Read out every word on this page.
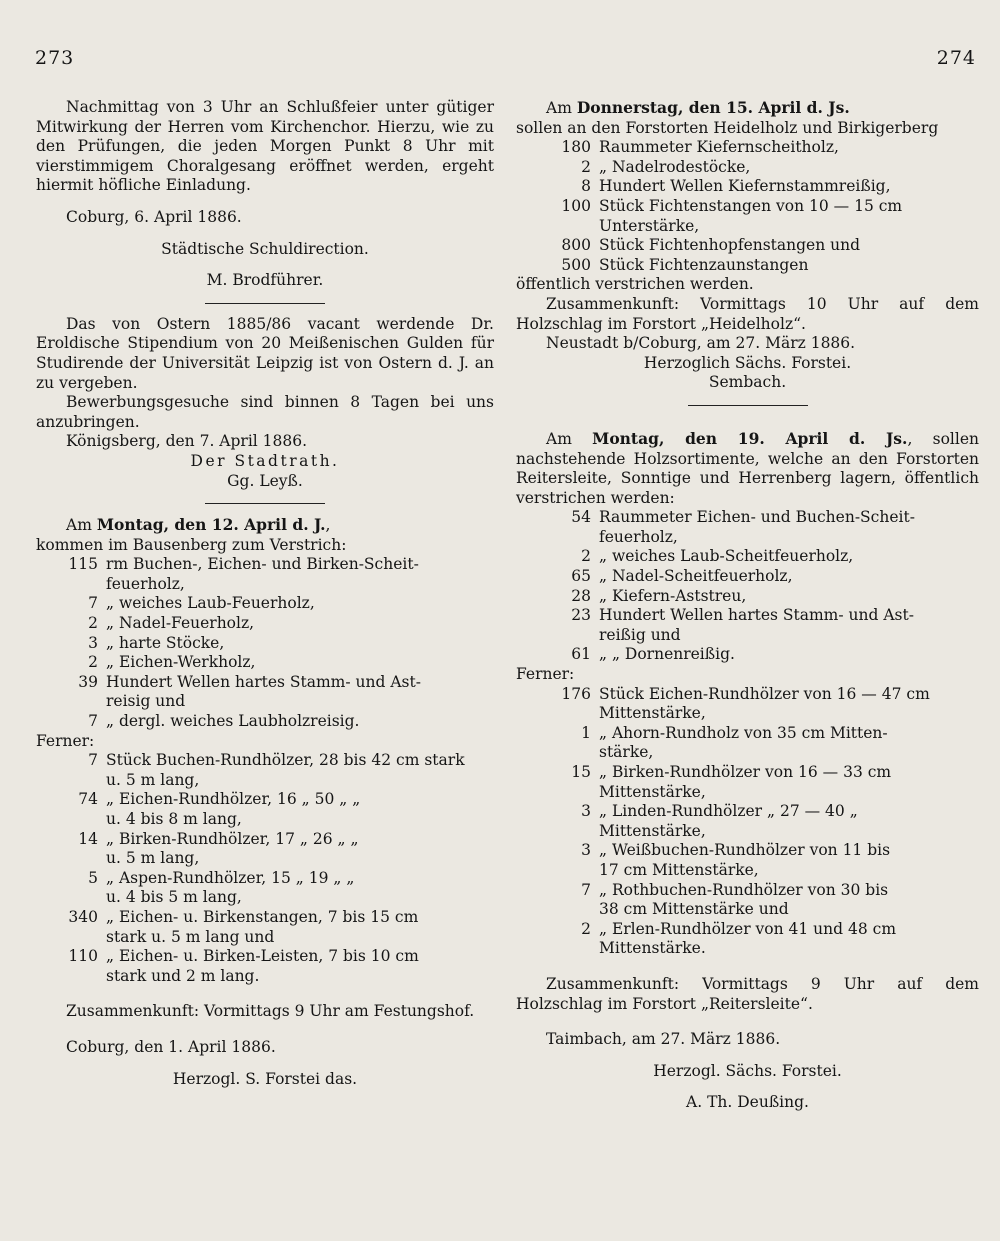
273	274

Nachmittag von 3 Uhr an Schlußfeier unter gütiger Mitwirkung der Herren vom Kirchenchor. Hierzu, wie zu den Prüfungen, die jeden Morgen Punkt 8 Uhr mit vierstimmigem Choralgesang eröffnet werden, ergeht hiermit höfliche Einladung.

Coburg, 6. April 1886.

Städtische Schuldirection.

M. Brodführer.

Das von Ostern 1885/86 vacant werdende Dr. Eroldische Stipendium von 20 Meißenischen Gulden für Studirende der Universität Leipzig ist von Ostern d. J. an zu vergeben.

Bewerbungsgesuche sind binnen 8 Tagen bei uns anzubringen.

Königsberg, den 7. April 1886.

Der Stadtrath.

Gg. Leyß.

Am Montag, den 12. April d. J.,

kommen im Bausenberg zum Verstrich:

115 rm Buchen-, Eichen- und Birken-Scheit-
feuerholz,
7 „ weiches Laub-Feuerholz,
2 „ Nadel-Feuerholz,
3 „ harte Stöcke,
2 „ Eichen-Werkholz,
39 Hundert Wellen hartes Stamm- und Ast-
reisig und
7 „ dergl. weiches Laubholzreisig.

Ferner:

7 Stück Buchen-Rundhölzer, 28 bis 42 cm stark
u. 5 m lang,
74 „ Eichen-Rundhölzer, 16 „ 50 „ „
u. 4 bis 8 m lang,
14 „ Birken-Rundhölzer, 17 „ 26 „ „
u. 5 m lang,
5 „ Aspen-Rundhölzer, 15 „ 19 „ „
u. 4 bis 5 m lang,
340 „ Eichen- u. Birkenstangen, 7 bis 15 cm
stark u. 5 m lang und
110 „ Eichen- u. Birken-Leisten, 7 bis 10 cm
stark und 2 m lang.

Zusammenkunft: Vormittags 9 Uhr am Festungshof.

Coburg, den 1. April 1886.

Herzogl. S. Forstei das.

Am Donnerstag, den 15. April d. Js.

sollen an den Forstorten Heidelholz und Birkigerberg

180 Raummeter Kiefernscheitholz,
2 „ Nadelrodestöcke,
8 Hundert Wellen Kiefernstammreißig,
100 Stück Fichtenstangen von 10 — 15 cm
Unterstärke,
800 Stück Fichtenhopfenstangen und
500 Stück Fichtenzaunstangen

öffentlich verstrichen werden.

Zusammenkunft: Vormittags 10 Uhr auf dem Holzschlag im Forstort „Heidelholz“.

Neustadt b/Coburg, am 27. März 1886.

Herzoglich Sächs. Forstei.

Sembach.

Am Montag, den 19. April d. Js., sollen nachstehende Holzsortimente, welche an den Forstorten Reitersleite, Sonntige und Herrenberg lagern, öffentlich verstrichen werden:

54 Raummeter Eichen- und Buchen-Scheit-
feuerholz,
2 „ weiches Laub-Scheitfeuerholz,
65 „ Nadel-Scheitfeuerholz,
28 „ Kiefern-Aststreu,
23 Hundert Wellen hartes Stamm- und Ast-
reißig und
61 „ „ Dornenreißig.

Ferner:

176 Stück Eichen-Rundhölzer von 16 — 47 cm
Mittenstärke,
1 „ Ahorn-Rundholz von 35 cm Mitten-
stärke,
15 „ Birken-Rundhölzer von 16 — 33 cm
Mittenstärke,
3 „ Linden-Rundhölzer „ 27 — 40 „
Mittenstärke,
3 „ Weißbuchen-Rundhölzer von 11 bis
17 cm Mittenstärke,
7 „ Rothbuchen-Rundhölzer von 30 bis
38 cm Mittenstärke und
2 „ Erlen-Rundhölzer von 41 und 48 cm
Mittenstärke.

Zusammenkunft: Vormittags 9 Uhr auf dem Holzschlag im Forstort „Reitersleite“.

Taimbach, am 27. März 1886.

Herzogl. Sächs. Forstei.

A. Th. Deußing.
